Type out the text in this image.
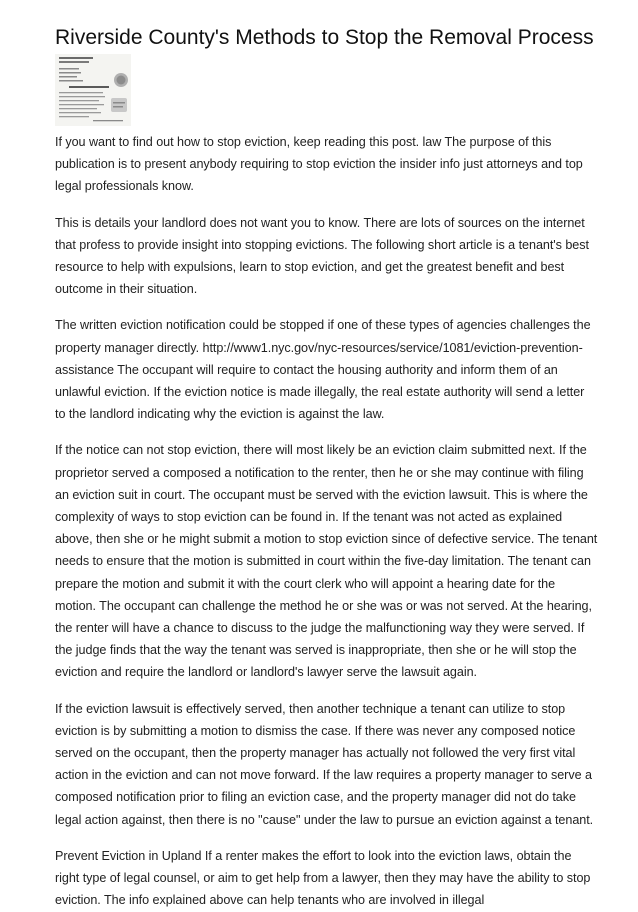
Riverside County's Methods to Stop the Removal Process

If you want to find out how to stop eviction, keep reading this post. law The purpose of this publication is to present anybody requiring to stop eviction the insider info just attorneys and top legal professionals know.

This is details your landlord does not want you to know. There are lots of sources on the internet that profess to provide insight into stopping evictions. The following short article is a tenant's best resource to help with expulsions, learn to stop eviction, and get the greatest benefit and best outcome in their situation.

The written eviction notification could be stopped if one of these types of agencies challenges the property manager directly. http://www1.nyc.gov/nyc-resources/service/1081/eviction-prevention-assistance The occupant will require to contact the housing authority and inform them of an unlawful eviction. If the eviction notice is made illegally, the real estate authority will send a letter to the landlord indicating why the eviction is against the law.

If the notice can not stop eviction, there will most likely be an eviction claim submitted next. If the proprietor served a composed a notification to the renter, then he or she may continue with filing an eviction suit in court. The occupant must be served with the eviction lawsuit. This is where the complexity of ways to stop eviction can be found in. If the tenant was not acted as explained above, then she or he might submit a motion to stop eviction since of defective service. The tenant needs to ensure that the motion is submitted in court within the five-day limitation. The tenant can prepare the motion and submit it with the court clerk who will appoint a hearing date for the motion. The occupant can challenge the method he or she was or was not served. At the hearing, the renter will have a chance to discuss to the judge the malfunctioning way they were served. If the judge finds that the way the tenant was served is inappropriate, then she or he will stop the eviction and require the landlord or landlord's lawyer serve the lawsuit again.

If the eviction lawsuit is effectively served, then another technique a tenant can utilize to stop eviction is by submitting a motion to dismiss the case. If there was never any composed notice served on the occupant, then the property manager has actually not followed the very first vital action in the eviction and can not move forward. If the law requires a property manager to serve a composed notification prior to filing an eviction case, and the property manager did not do take legal action against, then there is no "cause" under the law to pursue an eviction against a tenant.

Prevent Eviction in Upland If a renter makes the effort to look into the eviction laws, obtain the right type of legal counsel, or aim to get help from a lawyer, then they may have the ability to stop eviction. The info explained above can help tenants who are involved in illegal
